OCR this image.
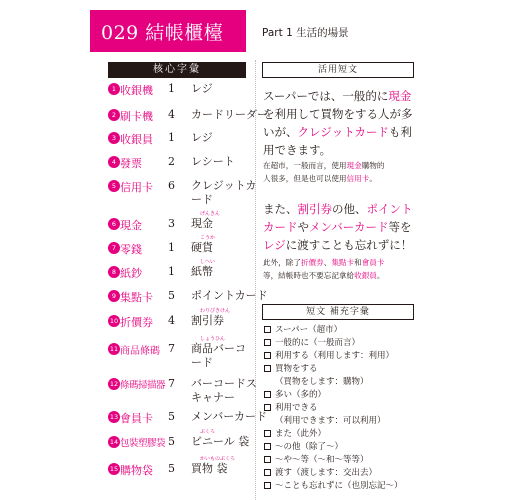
029 結帳櫃檯	Part 1 生活的場景
核心字彙
1 收銀機 1 レジ
2 刷卡機 4 カードリーダー
3 收銀員 1 レジ
4 發票 2 レシート
5 信用卡 6 クレジットカ
ード
6 現金 3
げんきん
現金
7 零錢 1
こうか
硬貨
8 紙鈔 1
しへい
紙幣
9 集點卡 5 ポイントカード
10 折價券 4
わりびきけん
割引券
11 商品條碼 7
しょうひん
商品バーコ
ード
12 條碼掃描器 7 バーコードス
キャナー
13 會員卡 5 メンバーカード
14 包裝塑膠袋 5
ぶくろ
ビニール 袋
15 購物袋 5
かいものぶくろ
買物 袋
活用短文
スーパーでは、一般的に現金
を利用して買物をする人が多
いが、クレジットカードも利
用できます。
在超市，一般而言，使用現金購物的
人很多，但是也可以使用信用卡。
また、割引券の他、ポイント
カードやメンバーカード等を
レジに渡すことも忘れずに！
此外，除了折價券、集點卡和會員卡
等，結帳時也不要忘記拿給收銀員。
短文 補充字彙
スーパー（超市）
一般的に（一般而言）
利用する（利用します：利用）
買物をする
（買物をします：購物）
多い（多的）
利用できる
（利用できます：可以利用）
また（此外）
～の他（除了～）
～や～等（～和～等等）
渡す（渡します：交出去）
～ことも忘れずに（也別忘記～）
